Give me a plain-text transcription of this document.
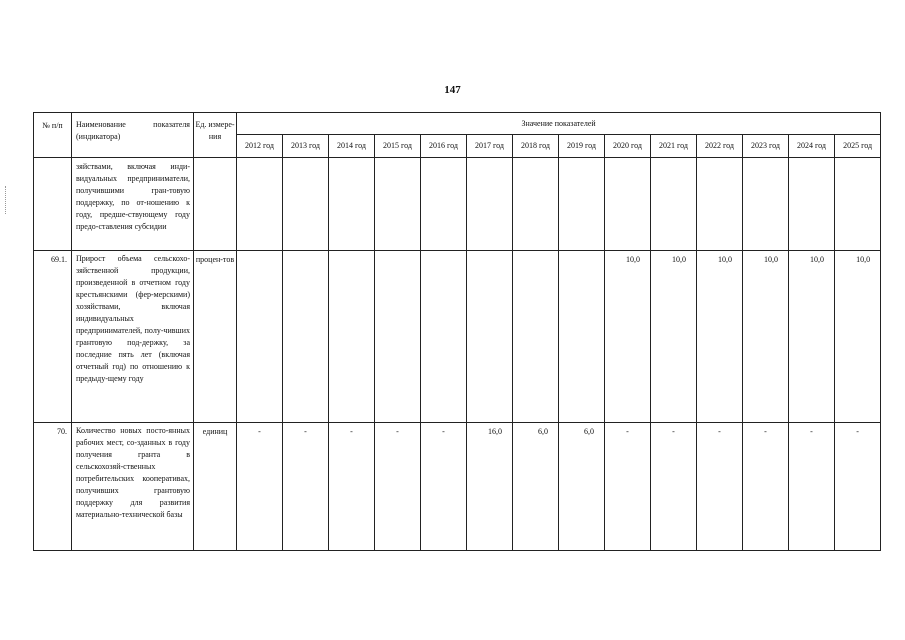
147
№ п/п	Наименование показателя (индикатора)	Ед. измере-ния	Значение показателей													
			2012 год	2013 год	2014 год	2015 год	2016 год	2017 год	2018 год	2019 год	2020 год	2021 год	2022 год	2023 год	2024 год	2025 год
	зяйствами, включая инди-видуальных предприниматели, получившими гран-товую поддержку, по от-ношению к году, предше-ствующему году предо-ставления субсидии															
69.1.	Прирост объема сельскохо-зяйственной продукции, произведенной в отчетном году крестьянскими (фер-мерскими) хозяйствами, включая индивидуальных предпринимателей, полу-чивших грантовую под-держку, за последние пять лет (включая отчетный год) по отношению к предыду-щему году	процен-тов									10,0	10,0	10,0	10,0	10,0	10,0
70.	Количество новых посто-янных рабочих мест, со-зданных в году получения гранта в сельскохозяй-ственных потребительских кооперативах, получивших грантовую поддержку для развития материально-технической базы	единиц	-	-	-	-	-	16,0	6,0	6,0	-	-	-	-	-	-
